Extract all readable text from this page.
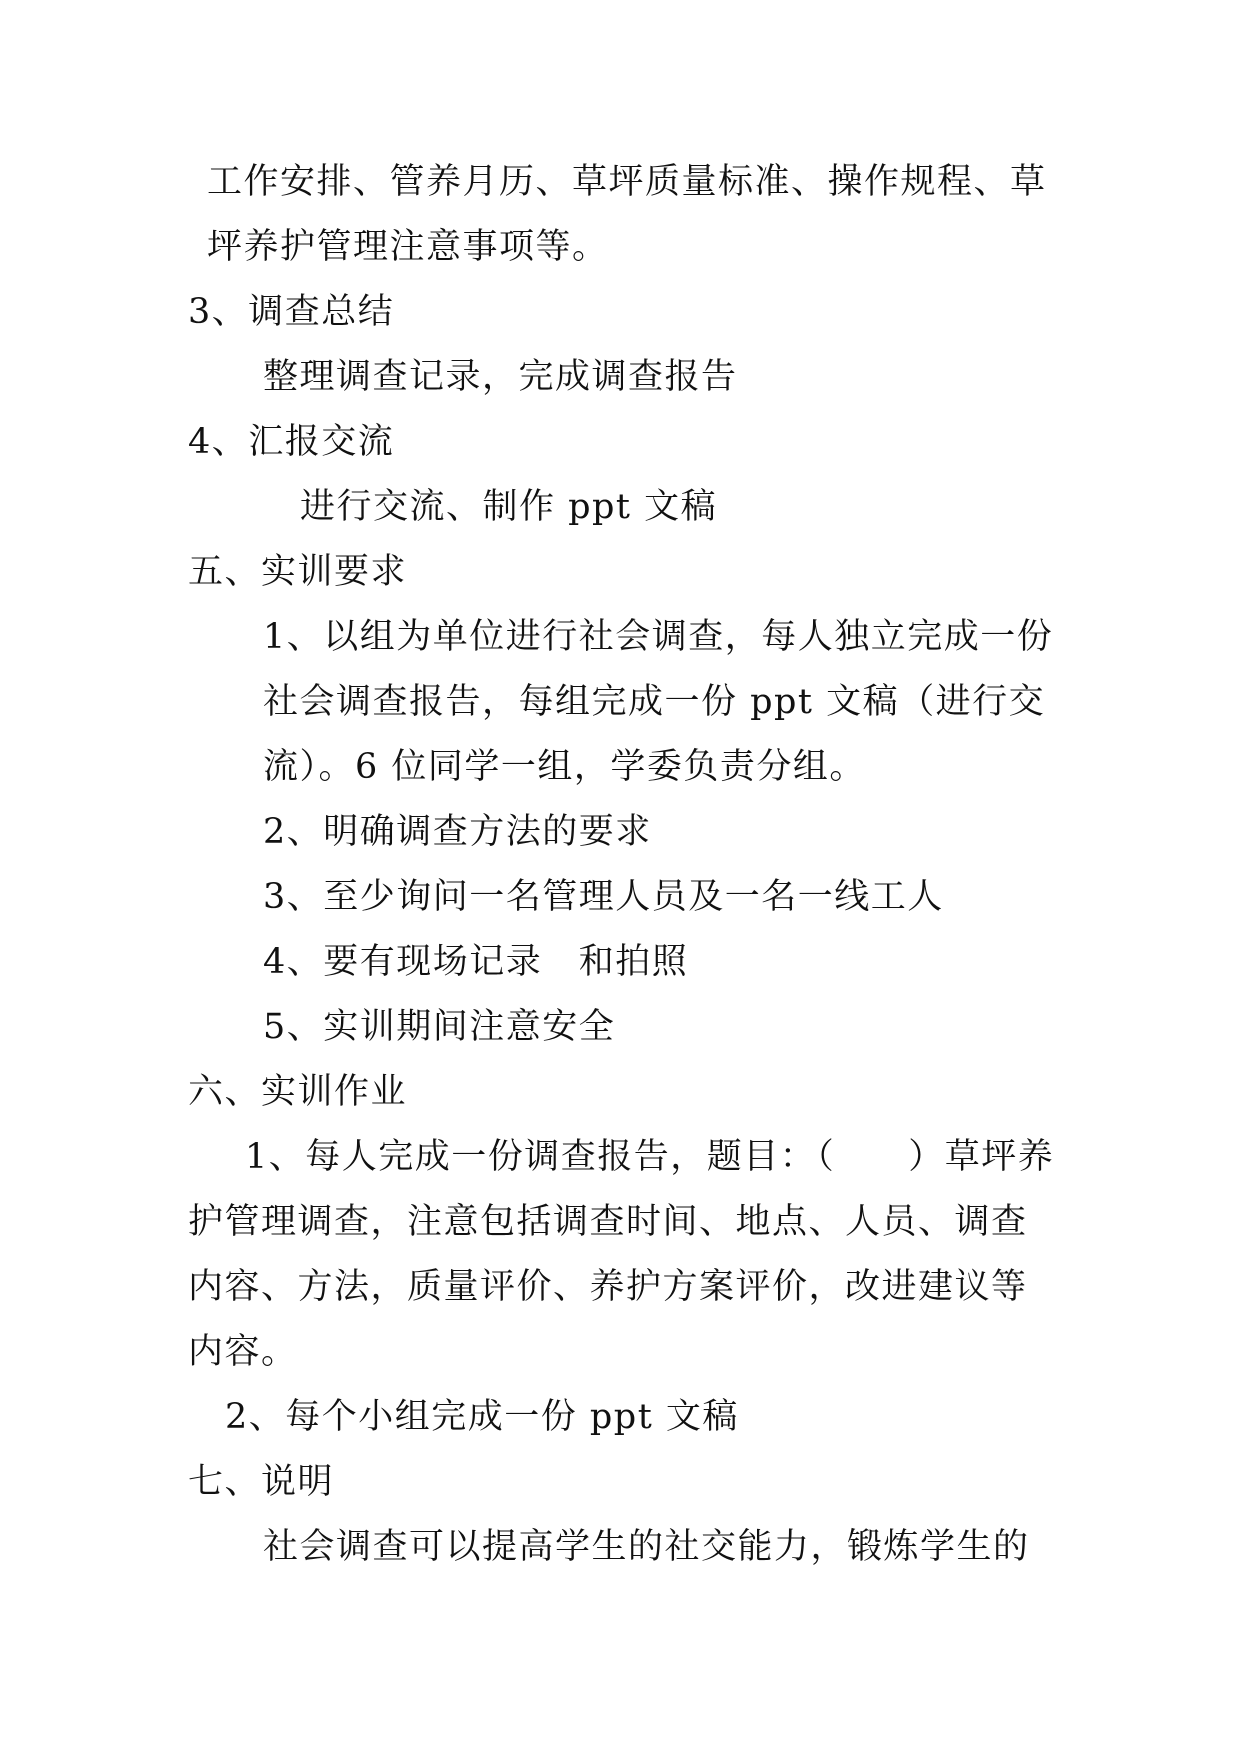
工作安排、管养月历、草坪质量标准、操作规程、草

坪养护管理注意事项等。

3、调查总结

整理调查记录，完成调查报告

4、汇报交流

进行交流、制作 ppt 文稿

五、实训要求

1、以组为单位进行社会调查，每人独立完成一份

社会调查报告，每组完成一份 ppt 文稿（进行交

流）。6 位同学一组，学委负责分组。

2、明确调查方法的要求

3、至少询问一名管理人员及一名一线工人

4、要有现场记录　和拍照

5、实训期间注意安全

六、实训作业

1、每人完成一份调查报告，题目：（　　）草坪养

护管理调查，注意包括调查时间、地点、人员、调查

内容、方法，质量评价、养护方案评价，改进建议等

内容。

2、每个小组完成一份 ppt 文稿

七、说明

社会调查可以提高学生的社交能力，锻炼学生的
